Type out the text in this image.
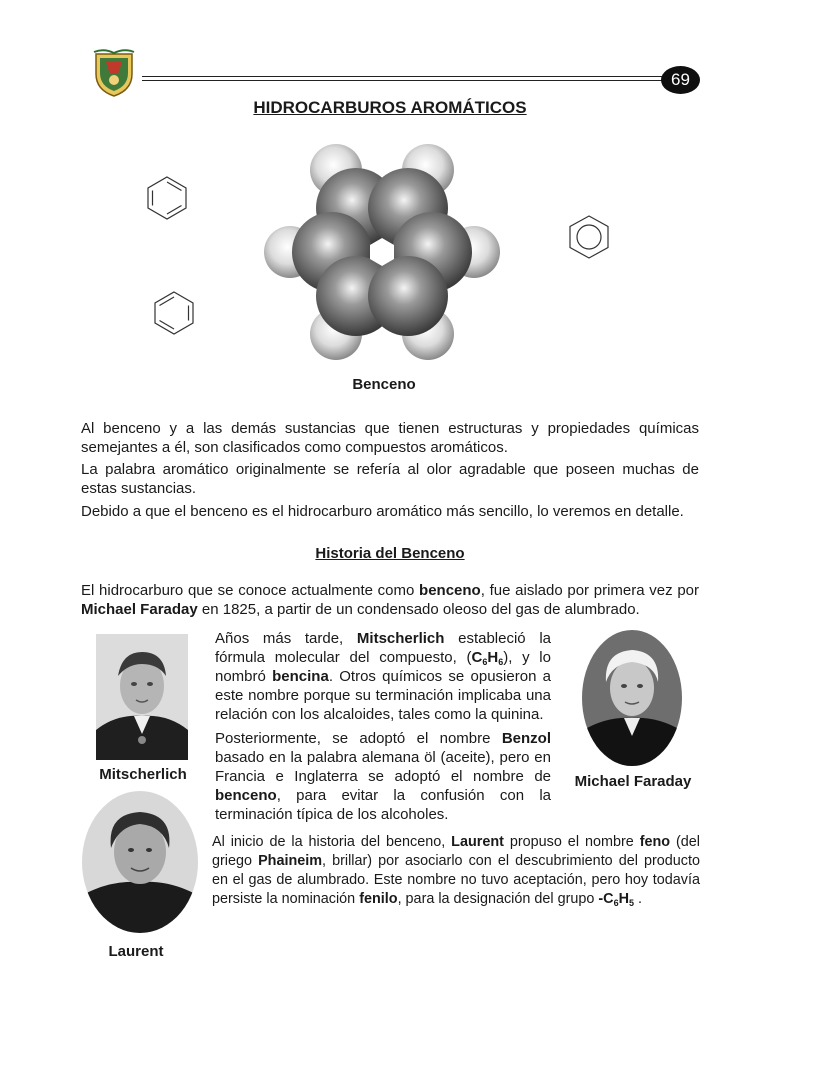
69
HIDROCARBUROS AROMÁTICOS
Benceno

Al benceno y a las demás sustancias que tienen estructuras y propiedades químicas semejantes a él, son clasificados como compuestos aromáticos.

La palabra aromático originalmente se refería al olor agradable que poseen muchas de estas sustancias.

Debido a que el benceno es el hidrocarburo aromático más sencillo, lo veremos en detalle.

Historia del Benceno

El hidrocarburo que se conoce actualmente como benceno, fue aislado por primera vez por Michael Faraday en 1825, a partir de un condensado oleoso del gas de alumbrado.

Mitscherlich

Años más tarde, Mitscherlich estableció la fórmula molecular del compuesto, $(C_6H_6)$, y lo nombró bencina. Otros químicos se opusieron a este nombre porque su terminación implicaba una relación con los alcaloides, tales como la quinina.

Posteriormente, se adoptó el nombre Benzol basado en la palabra alemana öl (aceite), pero en Francia e Inglaterra se adoptó el nombre de benceno, para evitar la confusión con la terminación típica de los alcoholes.

Michael Faraday
Laurent

Al inicio de la historia del benceno, Laurent propuso el nombre feno (del griego Phaineim, brillar) por asociarlo con el descubrimiento del producto en el gas de alumbrado. Este nombre no tuvo aceptación, pero hoy todavía persiste la nominación fenilo, para la designación del grupo $-C_6H_5$ .
